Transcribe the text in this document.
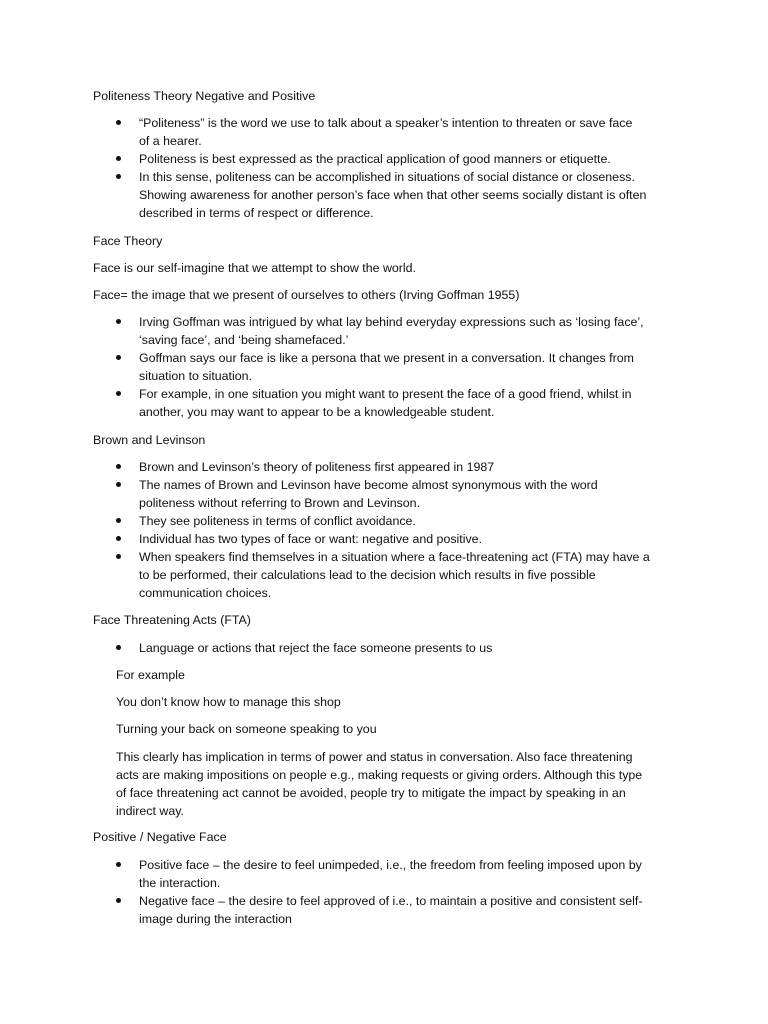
Politeness Theory Negative and Positive
“Politeness” is the word we use to talk about a speaker’s intention to threaten or save face
of a hearer.
Politeness is best expressed as the practical application of good manners or etiquette.
In this sense, politeness can be accomplished in situations of social distance or closeness.
Showing awareness for another person’s face when that other seems socially distant is often
described in terms of respect or difference.
Face Theory
Face is our self-imagine that we attempt to show the world.
Face= the image that we present of ourselves to others (Irving Goffman 1955)
Irving Goffman was intrigued by what lay behind everyday expressions such as ‘losing face’,
‘saving face’, and ‘being shamefaced.’
Goffman says our face is like a persona that we present in a conversation. It changes from
situation to situation.
For example, in one situation you might want to present the face of a good friend, whilst in
another, you may want to appear to be a knowledgeable student.
Brown and Levinson
Brown and Levinson’s theory of politeness first appeared in 1987
The names of Brown and Levinson have become almost synonymous with the word
politeness without referring to Brown and Levinson.
They see politeness in terms of conflict avoidance.
Individual has two types of face or want: negative and positive.
When speakers find themselves in a situation where a face-threatening act (FTA) may have a
to be performed, their calculations lead to the decision which results in five possible
communication choices.
Face Threatening Acts (FTA)
Language or actions that reject the face someone presents to us
For example
You don’t know how to manage this shop
Turning your back on someone speaking to you
This clearly has implication in terms of power and status in conversation. Also face threatening
acts are making impositions on people e.g., making requests or giving orders. Although this type
of face threatening act cannot be avoided, people try to mitigate the impact by speaking in an
indirect way.
Positive / Negative Face
Positive face – the desire to feel unimpeded, i.e., the freedom from feeling imposed upon by
the interaction.
Negative face – the desire to feel approved of i.e., to maintain a positive and consistent self-
image during the interaction
